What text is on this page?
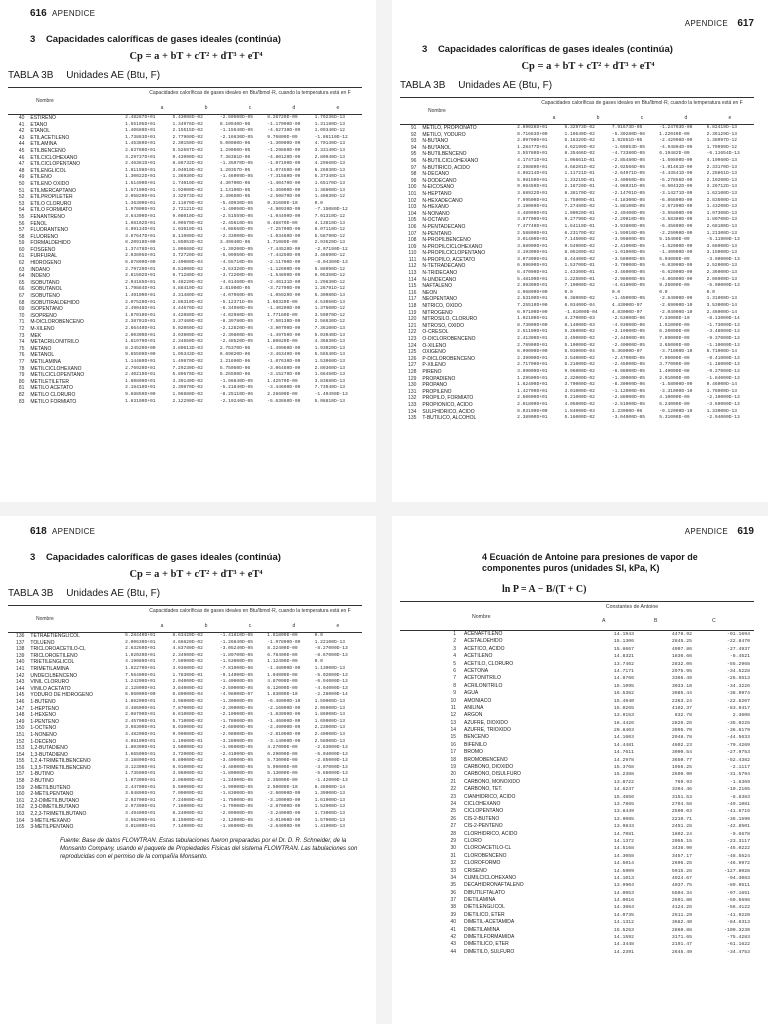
616 APENDICE
3 Capacidades caloríficas de gases ideales (continúa)
Cp = a + bT + cT² + dT³ + eT⁴
TABLA 3B Unidades AE (Btu, F)
Nombre
Capacidades caloríficas de gases ideales en Btu/lbmol·R, cuando la temperatura está en F
a	b	c	d	e
40	ESTIRENO	2.48287D+01	5.43008D-02	-2.50500D-05	8.26720D-09	1.79236D-13
41	ETANO	1.55105D+01	1.34978D-02	8.10940D-06	-1.17000D-09	1.31180D-13
42	ETANOL	1.40680D+01	2.15515D-02	-1.15540D-05	-4.62730D-09	1.09340D-12
43	ETILACETILENO	1.73883D+01	2.77960D-02	-2.16630D-05	9.76800D-09	-1.86110D-12
44	ETILAMINA	1.45380D+01	2.30150D-02	5.00080D-06	-1.30000D-09	4.70140D-13
45	ETILBENCENO	2.63780D+01	5.52697D-02	1.29060D-05	-1.29880D-09	3.33140D-13
46	ETILCICLOHEXANO	3.29737D+01	9.43990D-02	7.36381D-06	-4.80120D-09	2.80940D-13
47	ETILCICLOPENTANO	2.46381D+01	8.88732D-02	-1.35970D-05	-1.07190D-09	4.29660D-13
48	ETILENGLICOL	1.81198D+01	3.04010D-02	1.20357D-05	-1.07450D-09	6.26030D-13
49	ETILENO	1.30022D+01	1.36930D-02	-1.46009D-05	-7.31580D-09	5.37340D-13
50	ETILENO OXIDO	1.51490D+01	1.74010D-02	4.30700D-06	-1.40470D-09	1.65170D-13
51	ETILMERCAPTANO	1.57190D+01	1.92000D-02	1.13100D-05	-1.36000D-09	1.38800D-13
52	ETILPROPILETER	2.05820D+01	3.32973D-02	2.39650D-05	-2.50870D-09	1.40830D-12
53	ETILO CLORURO	1.36300D+01	2.11870D-02	-5.40930D-06	9.31600D-10	0.0
54	ETILO FORMIATO	1.97000D+01	2.72121D-02	-1.40050D-05	-4.90930D-09	-7.15080D-12
55	FENANTRENO	3.64300D+01	9.08010D-02	-2.51559D-05	-1.04490D-09	7.01310D-12
56	FENOL	1.98102D+01	4.09670D-02	-2.45610D-05	6.48870D-09	4.13810D-13
57	FLUORANTENO	4.09134D+01	1.03610D-01	-4.08660D-05	-7.25700D-09	6.07110D-12
58	FLUORENO	3.67647D+01	8.11080D-02	-2.33900D-05	-1.03460D-09	5.58790D-12
59	FORMALDEHIDO	8.20910D+00	1.85053D-02	3.49940D-06	1.71080D-09	2.93520D-13
60	FOSGENO	1.37478D+01	1.09660D-02	-1.30200D-05	-7.44520D-09	-2.07190D-12
61	FURFURAL	2.03895D+01	3.72720D-02	-5.99950D-05	-7.44250D-09	3.46690D-12
62	HIDROGENO	6.87890D+00	2.40000D-04	-4.55710D-05	-2.11700D-09	-8.04300D-13
63	INDANO	2.79720D+01	6.51000D-02	-3.53320D-05	-1.12600D-09	5.88090D-12
64	INDENO	2.81502D+01	6.71280D-02	-3.72200D-05	-1.54890D-09	6.05350D-12
65	ISOBUTANO	2.04185D+01	5.48220D-02	-4.61460D-05	-2.46131D-09	1.29630D-12
66	ISOBUTANOL	1.79884D+01	4.88410D-02	2.61980D-05	-3.72790D-09	1.26791D-12
67	ISOBUTENO	1.49100D+01	3.31480D-02	-4.07960D-05	-1.05920D-09	5.30080D-13
68	ISOBUTIRALDEHIDO	2.07520D+01	2.86310D-02	-5.12371D-05	1.60320D-09	4.53050D-13
69	ISOPENTANO	2.49048D+01	4.44670D-02	-6.34980D-05	-1.40200D-09	1.37600D-12
70	ISOPRENO	1.87010D+01	4.42080D-02	-4.02980D-05	1.77160D-09	3.59070D-12
71	M-DICLOROBENCENO	2.38701D+01	3.37480D-02	-8.39780D-05	-7.50130D-09	2.58630D-12
72	M-XILENO	2.66440D+01	5.02060D-02	-2.12820D-05	-3.90790D-09	7.36100D-13
73	MEK	2.00300D+01	3.93900D-02	-2.39800D-05	-1.49750D-09	5.03040D-13
74	METACRILONITRILO	1.81970D+01	2.34650D-02	-2.48520D-05	1.80820D-09	4.36830D-13
75	METANO	8.24520D+00	3.80613D-03	2.75370D-06	-1.49980D-09	1.93020D-13
76	METANOL	9.65590D+00	1.05343D-02	6.69820D-06	-3.46340D-09	5.56540D-13
77	METILAMINA	1.14480D+01	1.49870D-02	1.21690D-06	-1.07630D-09	1.53060D-13
78	METILCICLOHEXANO	2.76920D+01	7.29230D-02	5.75050D-06	-3.06480D-09	2.89360D-13
79	METILCICLOPENTANO	2.40210D+01	5.89670D-02	5.25590D-06	-3.15270D-09	1.66450D-13
80	METILETILETER	1.60890D+01	3.39140D-02	-1.66840D-05	1.42570D-09	3.83680D-13
81	METILO ACETATO	2.18410D+01	2.39870D-02	-5.21840D-05	-3.44600D-09	7.73940D-13
82	METILO CLORURO	9.68850D+00	1.06880D-02	-8.25110D-06	2.26600D-09	-1.40490D-13
83	METILO FORMIATO	1.63190D+01	2.12290D-02	-2.19240D-05	-5.63860D-09	5.08810D-13
APENDICE 617
3 Capacidades caloríficas de gases ideales (continúa)
Cp = a + bT + cT² + dT³ + eT⁴
TABLA 3B Unidades AE (Btu, F)
Nombre
Capacidades caloríficas de gases ideales en Btu/lbmol·R, cuando la temperatura está en F
a	b	c	d	e
91	METILO, PROPIONATO	2.69028D+01	5.32973D-02	7.91673D-05	-1.24703D-08	6.82419D-13
92	METILO, YODURO	8.71663D+00	1.10540D-02	-5.30280D-06	1.22040D-09	2.36129D-13
93	N-BUTANO	2.09790D+01	5.16329D-02	1.92851D-05	-2.42908D-09	1.38097D-12
94	N-BUTANOL	1.28477D+01	4.62199D-02	-1.69853D-05	-4.94804D-09	1.79999D-12
95	N-BUTILBENCENO	3.55780D+01	8.35466D-02	-4.73380D-05	6.19482D-09	-6.11654D-13
96	N-BUTILCICLOHEXANO	4.17471D+01	1.06661D-01	-2.85480D-05	-1.69890D-09	4.10960D-13
97	N-BUTIRICO, ACIDO	2.39880D+01	4.68201D-02	-2.92566D-05	-1.01461D-09	2.33170D-13
98	N-DECANO	4.98214D+01	1.11721D-01	-2.64971D-05	-4.43541D-09	2.25661D-13
99	N-DODECANO	5.98150D+01	1.33210D-01	-3.40050D-05	-5.27856D-09	2.19200D-13
100	N-EICOSANO	9.98450D+01	2.18720D-01	-4.98031D-05	-8.50432D-09	3.26712D-13
101	N-HEPTANO	3.68922D+01	8.38170D-02	-2.14701D-05	-3.14271D-09	1.62100D-13
102	N-HEXADECANO	7.99500D+01	1.75900D-01	-4.18300D-05	-6.86800D-09	2.83500D-13
103	N-HEXANO	3.19060D+01	7.27480D-02	-1.88100D-05	-2.67200D-09	1.43200D-13
104	N-NONANO	4.48990D+01	1.00020D-01	-2.40400D-05	-3.95800D-09	1.97300D-13
105	N-OCTANO	3.97700D+01	9.27790D-02	-2.29010D-05	-3.58300D-09	1.80700D-13
106	N-PENTADECANO	7.47740D+01	1.64110D-01	-3.93800D-05	-6.45600D-09	2.68100D-13
107	N-PENTANO	2.58800D+01	6.23170D-02	-1.59010D-05	-2.25000D-09	1.21300D-13
108	N-PROPILBENCENO	3.01400D+01	7.14500D-02	-3.99800D-05	5.15400D-09	-5.11900D-13
109	N-PROPILCICLOHEXANO	3.68900D+01	9.54900D-02	-2.41000D-05	-1.52000D-09	3.68000D-13
110	N-PROPILCICLOPENTANO	3.19300D+01	8.05100D-02	-1.91000D-05	-1.40000D-09	3.15000D-13
111	N-PROPILO, ACETATO	3.07300D+01	6.44400D-02	-3.58000D-05	5.04000D-09	-3.90000D-13
112	N-TETRADECANO	6.99600D+01	1.53700D-01	-3.70000D-05	-6.03000D-09	2.52000D-13
113	N-TRIDECANO	6.47000D+01	1.43300D-01	-3.46000D-05	-5.62000D-09	2.36000D-13
114	N-UNDECANO	5.48100D+01	1.22500D-01	-2.98000D-05	-4.86000D-09	2.06000D-13
115	NAFTALENO	2.99300D+01	7.10000D-02	-4.61000D-05	9.25000D-09	-5.90000D-13
116	NEON	4.96800D+00	0.0	0.0	0.0	0.0
117	NEOPENTANO	2.53100D+01	6.38000D-02	-1.45000D-05	-2.64000D-09	1.31000D-13
118	NITRICO, OXIDO	7.25510D+00	6.03400D-04	4.43000D-07	-2.69000D-10	3.53000D-14
119	NITROGENO	6.97100D+00	-1.61000D-04	4.83000D-07	-2.04000D-10	2.46000D-14
120	NITROSILO, CLORURO	1.02100D+01	4.27000D-03	-2.53000D-06	7.33000D-10	-8.13000D-14
121	NITROSO, OXIDO	8.73000D+00	8.14000D-03	-4.93000D-06	1.51000D-09	-1.73000D-13
122	O-CRESOL	2.51100D+01	5.26000D-02	-3.19000D-05	6.20000D-09	-3.48000D-13
123	O-DICLOROBENCENO	2.41300D+01	3.49000D-02	-2.44000D-05	7.89000D-09	-9.37000D-13
124	O-XILENO	2.78900D+01	5.10000D-02	-2.40000D-05	3.65000D-09	-1.10000D-13
125	OXIGENO	6.99000D+00	8.03000D-04	5.36000D-07	-3.71000D-10	5.71000D-14
126	P-DICLOROBENCENO	2.39900D+01	3.54000D-02	-2.47000D-05	7.95000D-09	-9.41000D-13
127	P-XILENO	2.71700D+01	5.21000D-02	-2.45000D-05	3.77000D-09	-1.16000D-13
128	PIRENO	3.99000D+01	9.96000D-02	-6.98000D-05	1.49000D-08	-9.27000D-13
129	PROPADIENO	1.29500D+01	2.32000D-02	-1.30000D-05	2.91000D-09	-1.84000D-13
130	PROPANO	1.62400D+01	3.70000D-02	-8.30000D-06	-1.58000D-09	9.46000D-14
131	PROPILENO	1.42700D+01	3.01000D-02	-1.12000D-05	-3.31000D-10	1.76000D-13
132	PROPILO, FORMIATO	2.50600D+01	5.21000D-02	-2.88000D-05	4.10000D-09	-2.10000D-13
133	PROPIONICO, ACIDO	2.01800D+01	4.05000D-02	-2.51000D-05	5.24000D-09	-3.69000D-13
134	SULFHIDRICO, ACIDO	8.03100D+00	1.84000D-03	1.23000D-06	-9.12000D-10	1.33000D-13
135	T-BUTILICO, ALCOHOL	2.38900D+01	5.16000D-02	-3.04000D-05	5.31000D-09	-2.94000D-13
618 APENDICE
3 Capacidades caloríficas de gases ideales (continúa)
Cp = a + bT + cT² + dT³ + eT⁴
TABLA 3B Unidades AE (Btu, F)
Nombre
Capacidades caloríficas de gases ideales en Btu/lbmol·R, cuando la temperatura está en F
a	b	c	d	e
136	TETRAETIENGLICOL	5.28440D+01	8.63420D-02	-1.41810D-05	1.61800D-09	0.0
137	TOLUENO	2.00630D+01	4.66620D-02	-1.26840D-05	-1.97800D-09	1.22100D-13
138	TRICLOROACETILO-CL	2.63260D+01	4.83780D-02	-3.05240D-05	8.22400D-09	-8.27000D-13
139	TRICLOROETILENO	1.92020D+01	2.34900D-02	-1.89700D-05	6.78400D-09	-8.67000D-13
140	TRIETILENGLICOL	4.19080D+01	7.50900D-02	-1.53000D-05	1.12400D-09	0.0
141	TRIMETILAMINA	1.62270D+01	3.93600D-02	-7.81000D-06	-1.48000D-09	1.13000D-13
142	UNDECILBENCENO	7.56400D+01	1.78300D-01	-9.14000D-05	1.04000D-08	-5.02000D-13
143	VINIL CLORURO	1.24200D+01	2.04000D-02	-1.40000D-05	4.87000D-09	-6.94000D-13
144	VINILO ACETATO	2.12800D+01	3.84000D-02	-2.50000D-05	6.12000D-09	-4.94000D-13
145	YODURO DE HIDROGENO	6.96000D+00	6.89000D-04	-4.98000D-07	1.83000D-10	-2.28000D-14
146	1-BUTENO	1.86200D+01	3.98000D-02	-1.30000D-05	-6.48000D-10	1.59000D-13
147	1-HEPTENO	3.48600D+01	7.87000D-02	-2.39000D-05	-2.16000D-09	2.05000D-13
148	1-HEXENO	2.98700D+01	6.81000D-02	-2.10000D-05	-1.83000D-09	1.86000D-13
149	1-PENTENO	2.45700D+01	5.71000D-02	-1.78000D-05	-1.46000D-09	1.69000D-13
150	1-OCTENO	3.98300D+01	8.93000D-02	-2.68000D-05	-2.49000D-09	2.23000D-13
151	1-NONENO	4.48200D+01	9.99000D-02	-2.98000D-05	-2.81000D-09	2.40000D-13
152	1-DECENO	4.98100D+01	1.10600D-01	-3.28000D-05	-3.14000D-09	2.58000D-13
153	1,2-BUTADIENO	1.80300D+01	3.50000D-02	-1.96000D-05	4.27000D-09	-2.63000D-13
154	1,3-BUTADIENO	1.66500D+01	3.72000D-02	-2.41000D-05	6.29000D-09	-5.04000D-13
155	1,2,4-TRIMETILBENCENO	3.18800D+01	6.80000D-02	-3.40000D-05	5.73000D-09	-2.85000D-13
156	1,3,5-TRIMETILBENCENO	3.12300D+01	6.91000D-02	-3.48000D-05	5.99000D-09	-3.07000D-13
157	1-BUTINO	1.73500D+01	3.06000D-02	-1.80000D-05	5.13000D-09	-5.86000D-13
158	2-BUTINO	1.67300D+01	2.86000D-02	-1.24000D-05	2.35000D-09	-1.42000D-13
159	2-METILBUTENO	2.44700D+01	5.50000D-02	-1.99000D-05	2.50000D-10	6.48000D-14
160	2-METILPENTANO	3.04800D+01	7.09000D-02	-1.83000D-05	-2.60000D-09	1.39000D-13
161	2,2-DIMETILBUTANO	2.93700D+01	7.24000D-02	-1.75000D-05	-3.10000D-09	1.61000D-13
162	2,3-DIMETILBUTANO	2.97300D+01	7.16000D-02	-1.79000D-05	-2.87000D-09	1.52000D-13
163	2,2,3-TRIMETILBUTANO	3.49400D+01	8.24000D-02	-2.09000D-05	-3.24000D-09	1.73000D-13
164	3-METILHEXANO	3.56200D+01	8.15000D-02	-2.12000D-05	-3.01000D-09	1.57000D-13
165	3-METILPENTANO	3.01800D+01	7.14000D-02	-1.86000D-05	-2.64000D-09	1.41000D-13
Fuente: Base de datos FLOWTRAN. Estas tabulaciones fueron preparadas por el Dr. D. R. Schneider, de la Monsanto Company, usando el paquete de Propiedades Físicas del sistema FLOWTRAN. Las tabulaciones son reproducidas con el permiso de la compañía Monsanto.
APENDICE 619
4 Ecuación de Antoine para presiones de vapor de componentes puros (unidades SI, kPa, K)
ln P = A − B/(T + C)
Nombre
Constantes de Antoine
A	B	C
1	ACENAFTILENO	14.1943	4478.92	-91.1694
2	ACETALDEHIDO	15.1306	2845.25	-22.8470
3	ACETICO, ACIDO	15.8667	4097.86	-27.4937
4	ACETILENO	14.8321	1836.66	-8.4521
5	ACETILO, CLORURO	13.7462	2832.06	-55.2968
6	ACETONA	14.7171	2975.95	-34.5228
7	ACETONITRILO	14.8766	3366.49	-26.6513
8	ACRILONITRILO	15.1095	3033.10	-34.3226
9	AGUA	16.5362	3985.44	-38.9974
10	AMONIACO	15.4940	2363.24	-22.6207
11	ANILINA	15.0265	4102.37	-83.9417
12	ARGON	13.9153	832.78	2.3608
13	AZUFRE, DIOXIDO	16.4426	2826.26	-35.0225
14	AZUFRE, TRIOXIDO	20.8403	3995.70	-36.6179
15	BENCENO	14.1603	2948.78	-44.5633
16	BIFENILO	14.4481	4602.23	-70.4269
17	BROMO	14.7611	3090.54	-27.9753
18	BROMOBENCENO	14.2978	3650.77	-52.4382
19	CARBONO, DIOXIDO	15.3768	1956.25	-2.1117
20	CARBONO, DISULFURO	15.2388	2690.90	-31.5794
21	CARBONO, MONOXIDO	13.8722	769.93	-1.6369
22	CARBONO, TET.	14.6247	3394.46	-10.2165
23	CIANHIDRICO, ACIDO	15.4856	3151.53	-8.8383
24	CICLOHEXANO	13.7865	2794.58	-49.1081
25	CICLOPENTANO	13.8449	2590.03	-41.6716
26	CIS-2-BUTENO	13.9085	2210.71	-36.1590
27	CIS-2-PENTENO	13.9843	2451.28	-42.8501
28	CLORHIDRICO, ACIDO	14.7081	1802.24	-9.6678
29	CLORO	14.1372	2055.15	-23.3117
30	CLOROACETILO-CL	14.5168	3438.90	-45.0222
31	CLOROBENCENO	14.3058	3457.17	-48.5524
32	CLOROFORMO	14.5014	2696.25	-46.9972
33	CRISENO	14.5909	5915.26	-127.8028
34	CUMILCICLOHEXANO	14.1013	4924.67	-94.3083
35	DECAHIDRONAFTALENO	13.9904	4037.75	-89.9511
36	DIBUTILFTALATO	14.0053	5504.34	-97.1651
37	DIETILAMINA	14.0016	2591.80	-59.5698
38	DIETILENGLICOL	14.3864	4124.26	-56.4122
39	DIETILICO, ETER	14.0735	2511.29	-41.9220
40	DIMETIL-ACETAMIDA	14.1312	3682.40	-84.6313
41	DIMETILAMINA	15.5263	2860.88	-100.3230
42	DIMETILFORMAMIDA	14.1592	3171.65	-75.4283
43	DIMETILICO, ETER	14.3448	2191.47	-61.1622
44	DIMETILO, SULFURO	14.2391	2645.49	-34.4753
